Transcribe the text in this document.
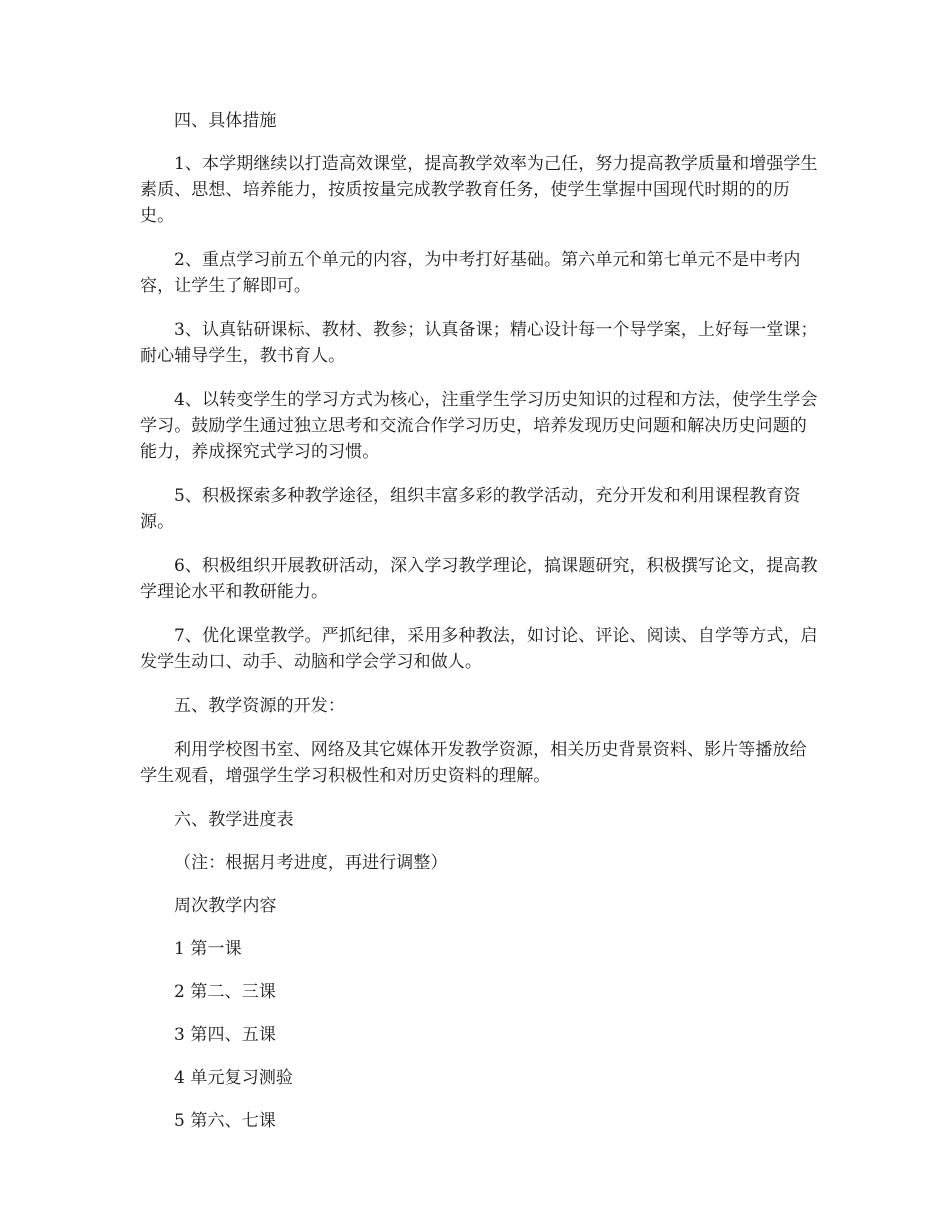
四、具体措施

1、本学期继续以打造高效课堂，提高教学效率为己任，努力提高教学质量和增强学生素质、思想、培养能力，按质按量完成教学教育任务，使学生掌握中国现代时期的的历史。

2、重点学习前五个单元的内容，为中考打好基础。第六单元和第七单元不是中考内容，让学生了解即可。

3、认真钻研课标、教材、教参；认真备课；精心设计每一个导学案，上好每一堂课；耐心辅导学生，教书育人。

4、以转变学生的学习方式为核心，注重学生学习历史知识的过程和方法，使学生学会学习。鼓励学生通过独立思考和交流合作学习历史，培养发现历史问题和解决历史问题的能力，养成探究式学习的习惯。

5、积极探索多种教学途径，组织丰富多彩的教学活动，充分开发和利用课程教育资源。

6、积极组织开展教研活动，深入学习教学理论，搞课题研究，积极撰写论文，提高教学理论水平和教研能力。

7、优化课堂教学。严抓纪律，采用多种教法，如讨论、评论、阅读、自学等方式，启发学生动口、动手、动脑和学会学习和做人。

五、教学资源的开发：

利用学校图书室、网络及其它媒体开发教学资源，相关历史背景资料、影片等播放给学生观看，增强学生学习积极性和对历史资料的理解。

六、教学进度表

（注：根据月考进度，再进行调整）

周次教学内容

1 第一课

2 第二、三课

3 第四、五课

4 单元复习测验

5 第六、七课
